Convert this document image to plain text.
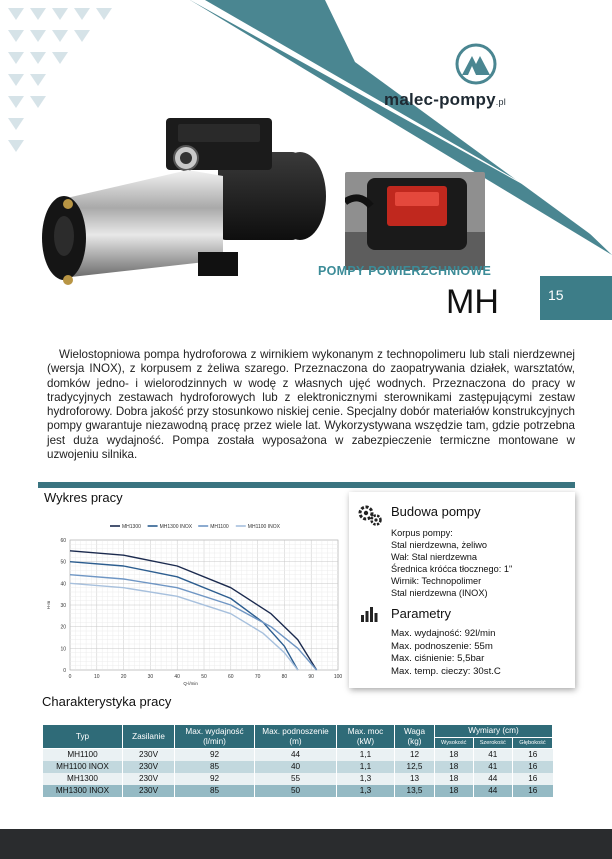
malec-pompy.pl
POMPY POWIERZCHNIOWE
MH	15

Wielostopniowa pompa hydroforowa z wirnikiem wykonanym z technopolimeru lub stali nierdzewnej (wersja INOX), z korpusem z żeliwa szarego. Przeznaczona do zaopatrywania działek, warsztatów, domków jedno- i wielorodzinnych w wodę z własnych ujęć wodnych. Przeznaczona do pracy w tradycyjnych zestawach hydroforowych lub z elektronicznymi sterownikami zastępującymi zestaw hydroforowy. Dobra jakość przy stosunkowo niskiej cenie. Specjalny dobór materiałów konstrukcyjnych pompy gwarantuje niezawodną pracę przez wiele lat. Wykorzystywana wszędzie tam, gdzie potrzebna jest duża wydajność. Pompa została wyposażona w zabezpieczenie termiczne montowane w uzwojeniu silnika.

Wykres pracy
0	10	20	30	40	50	60	70	80	90	100
0
10
20
30
40
50
60
Q-l/min
H-m
MH1300	MH1300 INOX	MH1100	MH1100 INOX
Budowa pompy
Korpus pompy:
Stal nierdzewna, żeliwo
Wał: Stal nierdzewna
Średnica króćca tłocznego: 1"
Wirnik: Technopolimer
Stal nierdzewna (INOX)
Parametry
Max. wydajność: 92l/min
Max. podnoszenie: 55m
Max. ciśnienie: 5,5bar
Max. temp. cieczy: 30st.C
Charakterystyka pracy
Typ	Zasilanie	Max. wydajność (l/min)	Max. podnoszenie (m)	Max. moc (kW)	Waga (kg)	Wymiary (cm)		
						Wysokość	Szerokość	Głębokość
MH1100	230V	92	44	1,1	12	18	41	16
MH1100 INOX	230V	85	40	1,1	12,5	18	41	16
MH1300	230V	92	55	1,3	13	18	44	16
MH1300 INOX	230V	85	50	1,3	13,5	18	44	16
